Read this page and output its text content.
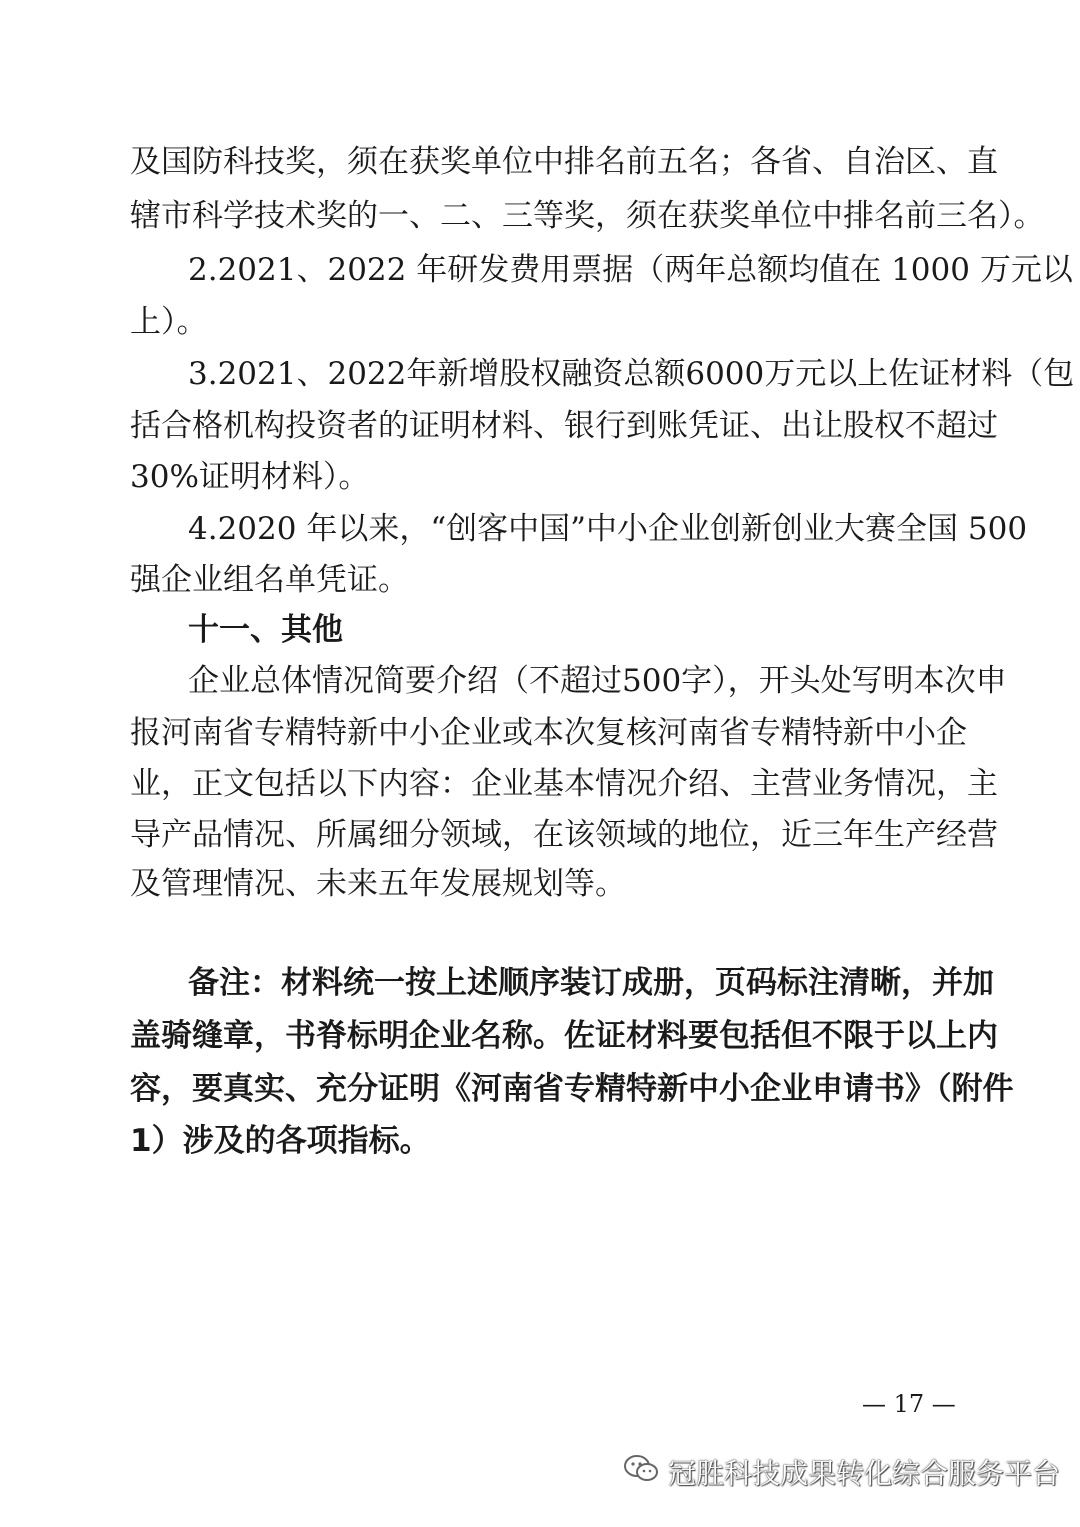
及国防科技奖，须在获奖单位中排名前五名；各省、自治区、直
辖市科学技术奖的一、二、三等奖，须在获奖单位中排名前三名）。
2.2021、2022 年研发费用票据（两年总额均值在 1000 万元以
上）。
3.2021、2022年新增股权融资总额6000万元以上佐证材料（包
括合格机构投资者的证明材料、银行到账凭证、出让股权不超过
30%证明材料）。
4.2020 年以来，“创客中国”中小企业创新创业大赛全国 500
强企业组名单凭证。
十一、其他
企业总体情况简要介绍（不超过500字），开头处写明本次申
报河南省专精特新中小企业或本次复核河南省专精特新中小企
业，正文包括以下内容：企业基本情况介绍、主营业务情况，主
导产品情况、所属细分领域，在该领域的地位，近三年生产经营
及管理情况、未来五年发展规划等。
备注：材料统一按上述顺序装订成册，页码标注清晰，并加
盖骑缝章，书脊标明企业名称。佐证材料要包括但不限于以上内
容，要真实、充分证明《河南省专精特新中小企业申请书》（附件
1）涉及的各项指标。
— 17 —
冠胜科技成果转化综合服务平台
